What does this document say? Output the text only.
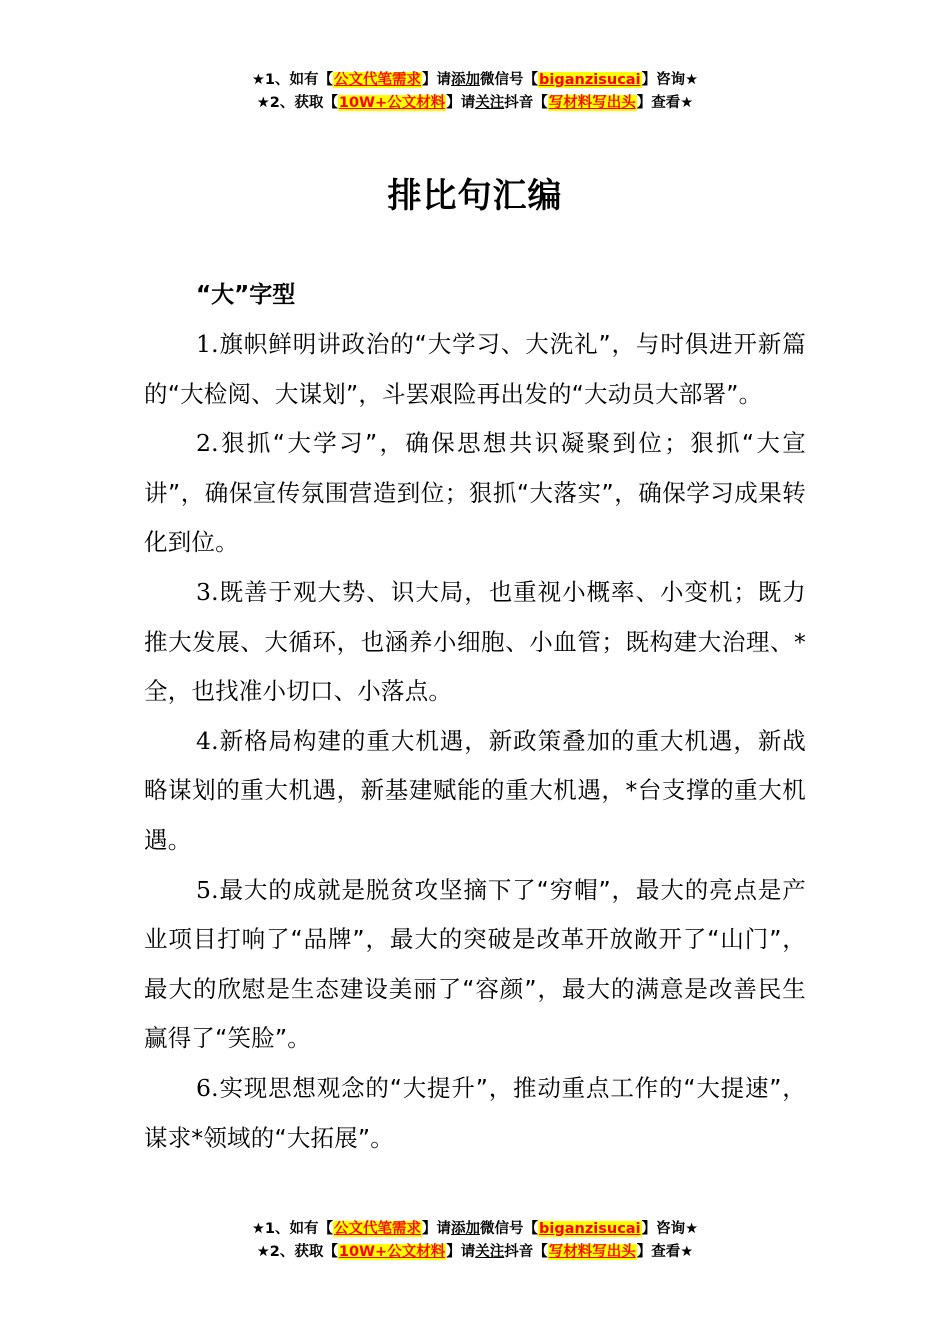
★1、如有【公文代笔需求】请添加微信号【biganzisucai】咨询★
★2、获取【10W+公文材料】请关注抖音【写材料写出头】查看★
排比句汇编
“大”字型

1.旗帜鲜明讲政治的“大学习、大洗礼”，与时俱进开新篇的“大检阅、大谋划”，斗罢艰险再出发的“大动员大部署”。

2.狠抓“大学习”，确保思想共识凝聚到位；狠抓“大宣讲”，确保宣传氛围营造到位；狠抓“大落实”，确保学习成果转化到位。

3.既善于观大势、识大局，也重视小概率、小变机；既力推大发展、大循环，也涵养小细胞、小血管；既构建大治理、*全，也找准小切口、小落点。

4.新格局构建的重大机遇，新政策叠加的重大机遇，新战略谋划的重大机遇，新基建赋能的重大机遇，*台支撑的重大机遇。

5.最大的成就是脱贫攻坚摘下了“穷帽”，最大的亮点是产业项目打响了“品牌”，最大的突破是改革开放敞开了“山门”，最大的欣慰是生态建设美丽了“容颜”，最大的满意是改善民生赢得了“笑脸”。

6.实现思想观念的“大提升”，推动重点工作的“大提速”，谋求*领域的“大拓展”。

★1、如有【公文代笔需求】请添加微信号【biganzisucai】咨询★
★2、获取【10W+公文材料】请关注抖音【写材料写出头】查看★
